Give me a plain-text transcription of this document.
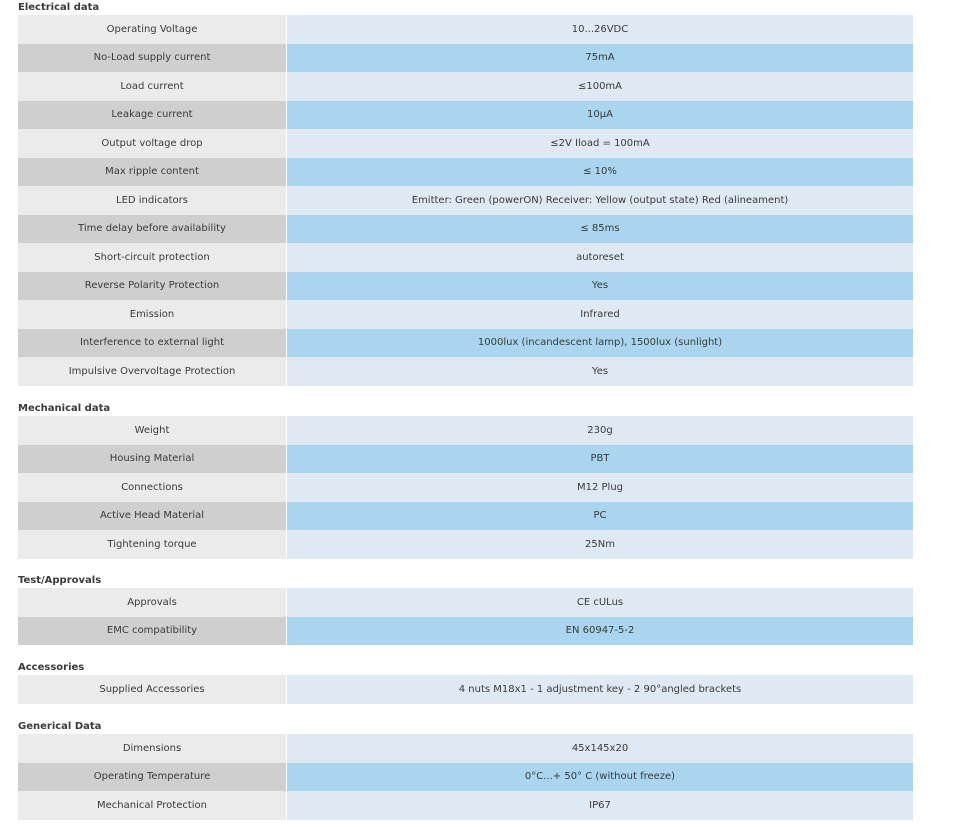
Electrical data
Operating Voltage	10...26VDC
No-Load supply current	75mA
Load current	≤100mA
Leakage current	10µA
Output voltage drop	≤2V Iload = 100mA
Max ripple content	≤ 10%
LED indicators	Emitter: Green (powerON) Receiver: Yellow (output state) Red (alineament)
Time delay before availability	≤ 85ms
Short-circuit protection	autoreset
Reverse Polarity Protection	Yes
Emission	Infrared
Interference to external light	1000lux (incandescent lamp), 1500lux (sunlight)
Impulsive Overvoltage Protection	Yes
Mechanical data
Weight	230g
Housing Material	PBT
Connections	M12 Plug
Active Head Material	PC
Tightening torque	25Nm
Test/Approvals
Approvals	CE cULus
EMC compatibility	EN 60947-5-2
Accessories
Supplied Accessories	4 nuts M18x1 - 1 adjustment key - 2 90°angled brackets
Generical Data
Dimensions	45x145x20
Operating Temperature	0°C...+ 50° C (without freeze)
Mechanical Protection	IP67
